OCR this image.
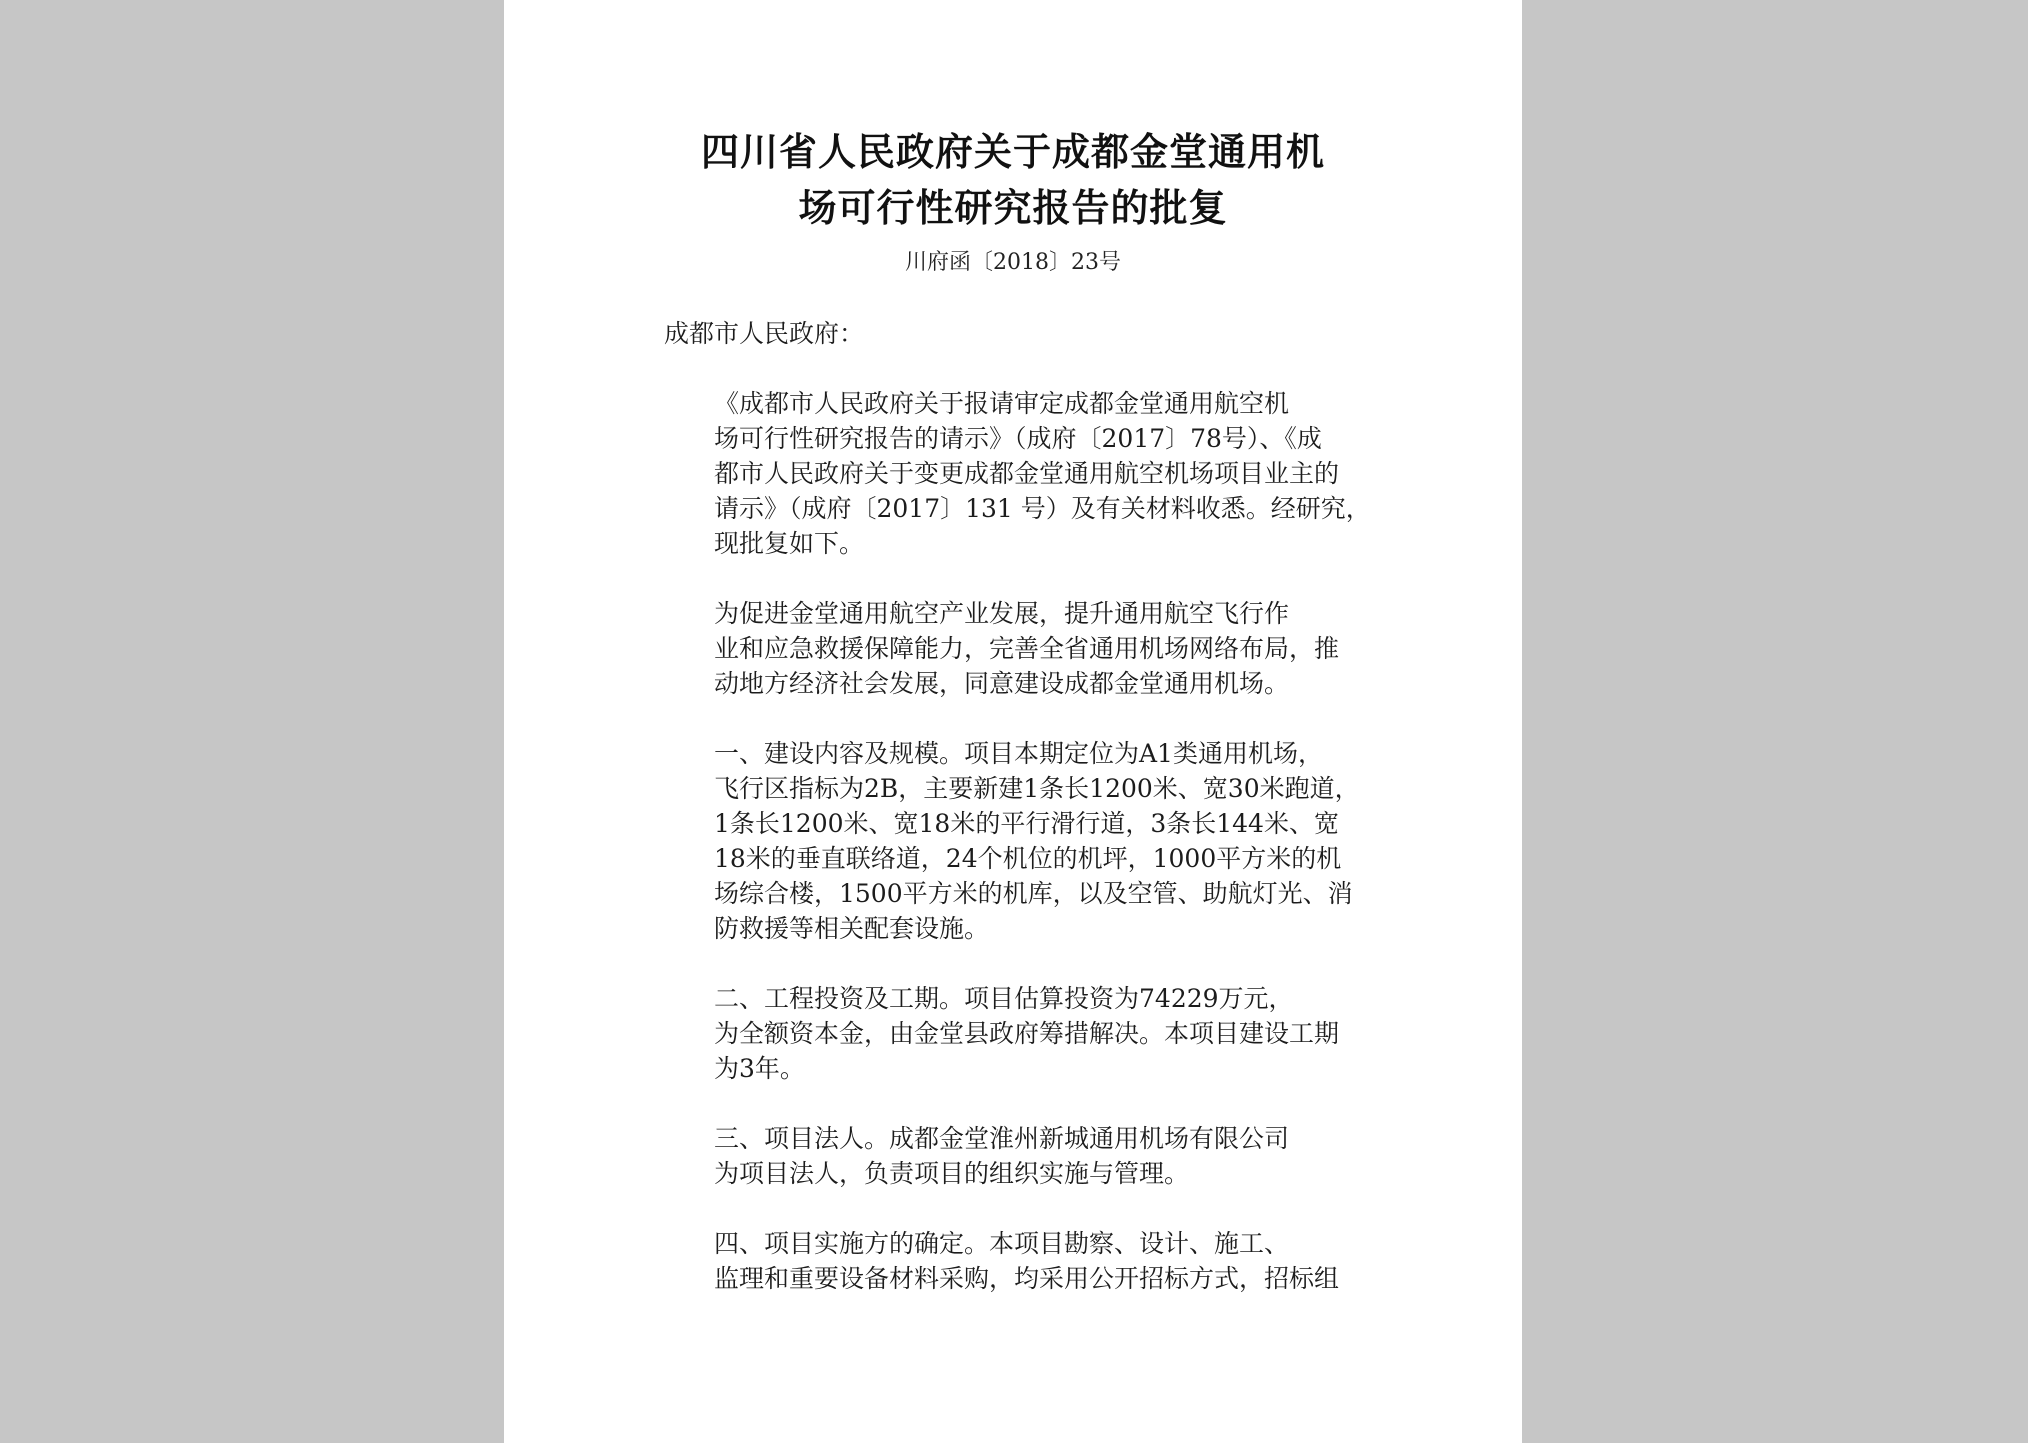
四川省人民政府关于成都金堂通用机
场可行性研究报告的批复
川府函〔2018〕23号

成都市人民政府：

《成都市人民政府关于报请审定成都金堂通用航空机
场可行性研究报告的请示》（成府〔2017〕78号）、《成
都市人民政府关于变更成都金堂通用航空机场项目业主的
请示》（成府〔2017〕131 号）及有关材料收悉。经研究，
现批复如下。

为促进金堂通用航空产业发展，提升通用航空飞行作
业和应急救援保障能力，完善全省通用机场网络布局，推
动地方经济社会发展，同意建设成都金堂通用机场。

一、建设内容及规模。项目本期定位为A1类通用机场，
飞行区指标为2B，主要新建1条长1200米、宽30米跑道，
1条长1200米、宽18米的平行滑行道，3条长144米、宽
18米的垂直联络道，24个机位的机坪，1000平方米的机
场综合楼，1500平方米的机库，以及空管、助航灯光、消
防救援等相关配套设施。

二、工程投资及工期。项目估算投资为74229万元，
为全额资本金，由金堂县政府筹措解决。本项目建设工期
为3年。

三、项目法人。成都金堂淮州新城通用机场有限公司
为项目法人，负责项目的组织实施与管理。

四、项目实施方的确定。本项目勘察、设计、施工、
监理和重要设备材料采购，均采用公开招标方式，招标组
